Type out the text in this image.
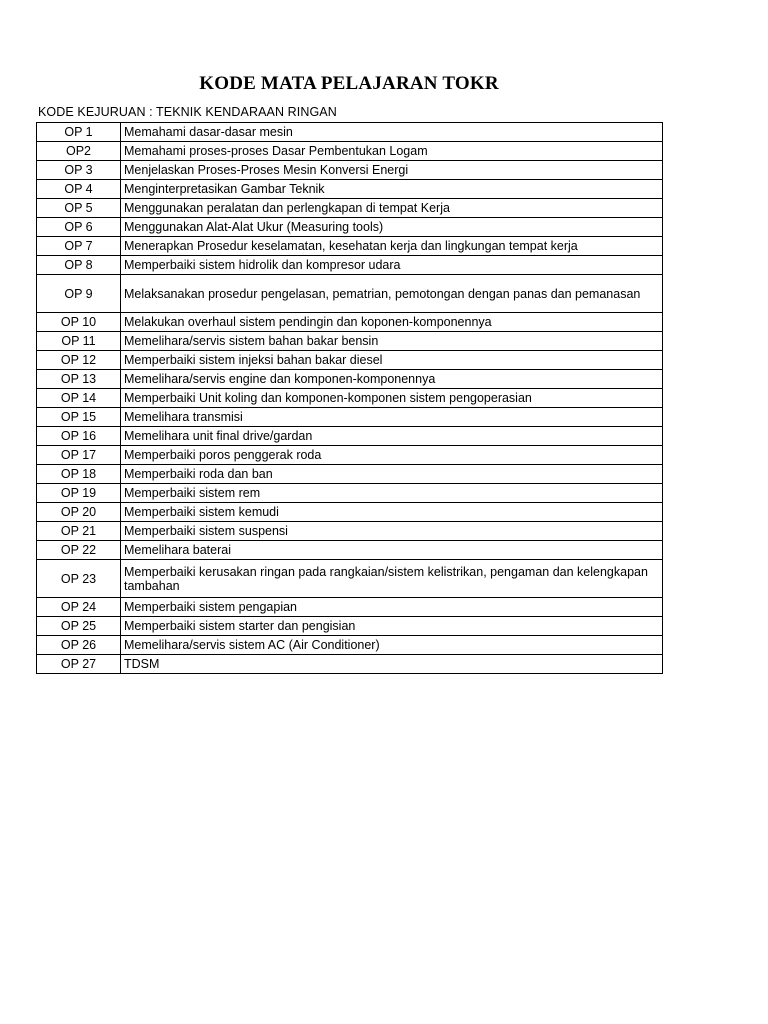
KODE MATA PELAJARAN TOKR
KODE KEJURUAN : TEKNIK KENDARAAN RINGAN
OP 1	Memahami dasar-dasar mesin
OP2	Memahami proses-proses Dasar Pembentukan Logam
OP 3	Menjelaskan Proses-Proses Mesin Konversi Energi
OP 4	Menginterpretasikan Gambar Teknik
OP 5	Menggunakan peralatan dan perlengkapan di tempat Kerja
OP 6	Menggunakan Alat-Alat Ukur (Measuring tools)
OP 7	Menerapkan Prosedur keselamatan, kesehatan kerja dan lingkungan tempat kerja
OP 8	Memperbaiki sistem hidrolik dan kompresor udara
OP 9	Melaksanakan prosedur pengelasan, pematrian, pemotongan dengan panas dan pemanasan
OP 10	Melakukan overhaul sistem pendingin dan koponen-komponennya
OP 11	Memelihara/servis sistem bahan bakar bensin
OP 12	Memperbaiki sistem injeksi bahan bakar diesel
OP 13	Memelihara/servis engine dan komponen-komponennya
OP 14	Memperbaiki Unit koling dan komponen-komponen sistem pengoperasian
OP 15	Memelihara transmisi
OP 16	Memelihara unit final drive/gardan
OP 17	Memperbaiki poros penggerak roda
OP 18	Memperbaiki roda dan ban
OP 19	Memperbaiki sistem rem
OP 20	Memperbaiki sistem kemudi
OP 21	Memperbaiki sistem suspensi
OP 22	Memelihara baterai
OP 23	Memperbaiki kerusakan ringan pada rangkaian/sistem kelistrikan, pengaman dan kelengkapan tambahan
OP 24	Memperbaiki sistem pengapian
OP 25	Memperbaiki sistem starter dan pengisian
OP 26	Memelihara/servis sistem AC (Air Conditioner)
OP 27	TDSM
